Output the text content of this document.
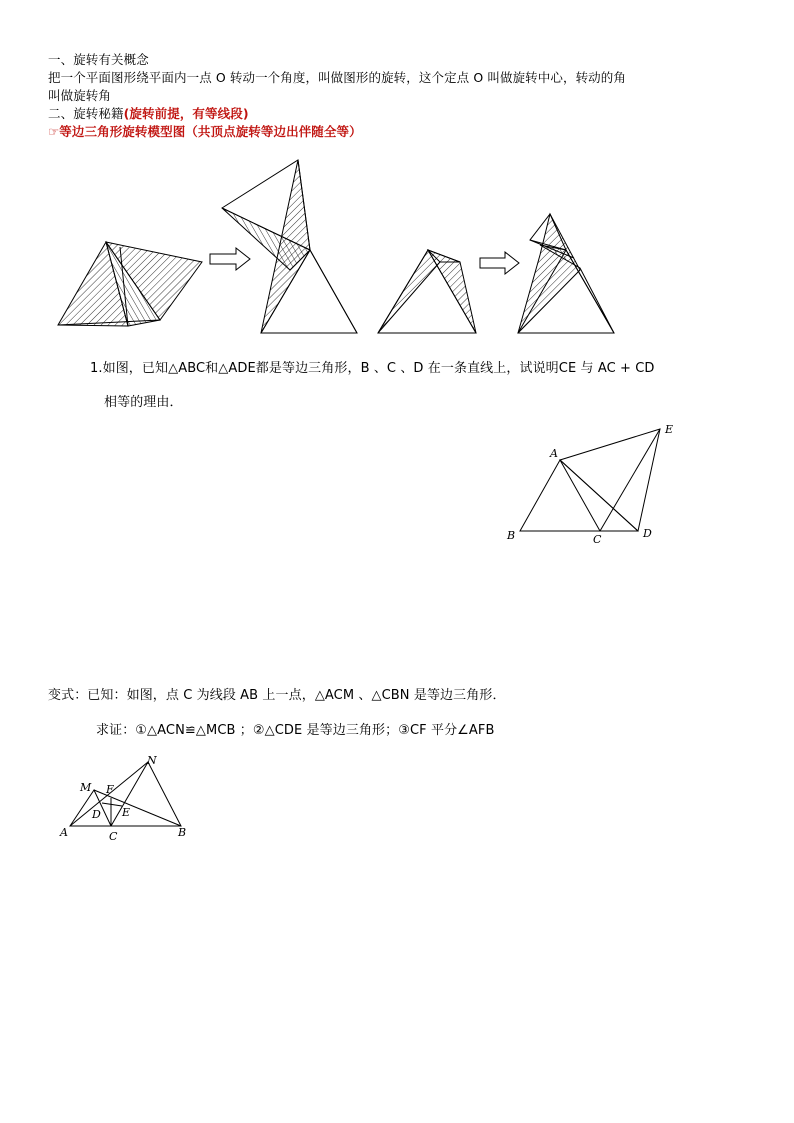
一、旋转有关概念
把一个平面图形绕平面内一点 O 转动一个角度，叫做图形的旋转，这个定点 O 叫做旋转中心，转动的角
叫做旋转角
二、旋转秘籍(旋转前提，有等线段)
☞等边三角形旋转模型图（共顶点旋转等边出伴随全等）
1.如图，已知△ABC和△ADE都是等边三角形，B 、C 、D 在一条直线上，试说明CE 与 AC + CD
相等的理由．
A
B	C	D
E
变式：已知：如图，点 C 为线段 AB 上一点，△ACM 、△CBN 是等边三角形．
求证：①△ACN≌△MCB ；②△CDE 是等边三角形；③CF 平分∠AFB
M
N
F
D E
A	B
C
